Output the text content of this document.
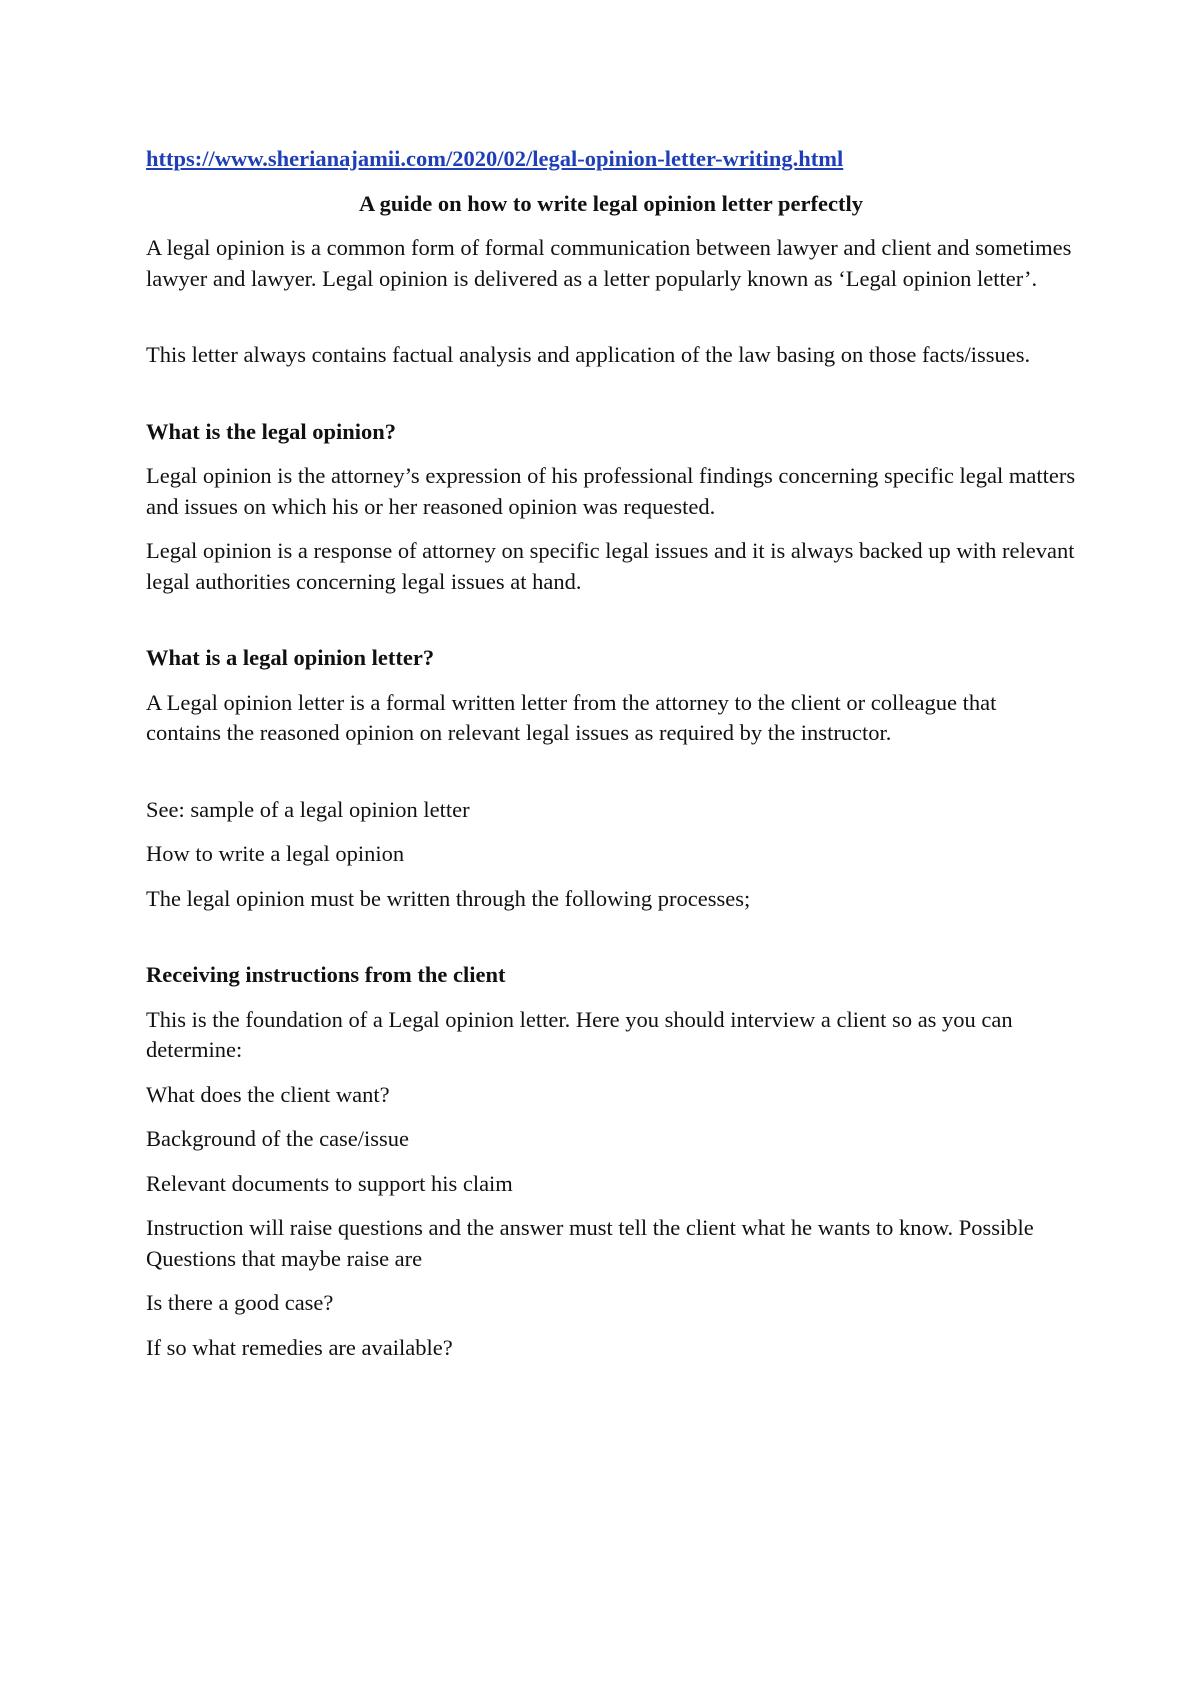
https://www.sherianajamii.com/2020/02/legal-opinion-letter-writing.html

A guide on how to write legal opinion letter perfectly

A legal opinion is a common form of formal communication between lawyer and client and sometimes lawyer and lawyer. Legal opinion is delivered as a letter popularly known as ‘Legal opinion letter’.

This letter always contains factual analysis and application of the law basing on those facts/issues.

What is the legal opinion?

Legal opinion is the attorney’s expression of his professional findings concerning specific legal matters and issues on which his or her reasoned opinion was requested.

Legal opinion is a response of attorney on specific legal issues and it is always backed up with relevant legal authorities concerning legal issues at hand.

What is a legal opinion letter?

A Legal opinion letter is a formal written letter from the attorney to the client or colleague that contains the reasoned opinion on relevant legal issues as required by the instructor.

See: sample of a legal opinion letter

How to write a legal opinion

The legal opinion must be written through the following processes;

Receiving instructions from the client

This is the foundation of a Legal opinion letter. Here you should interview a client so as you can determine:

What does the client want?

Background of the case/issue

Relevant documents to support his claim

Instruction will raise questions and the answer must tell the client what he wants to know. Possible Questions that maybe raise are

Is there a good case?

If so what remedies are available?
